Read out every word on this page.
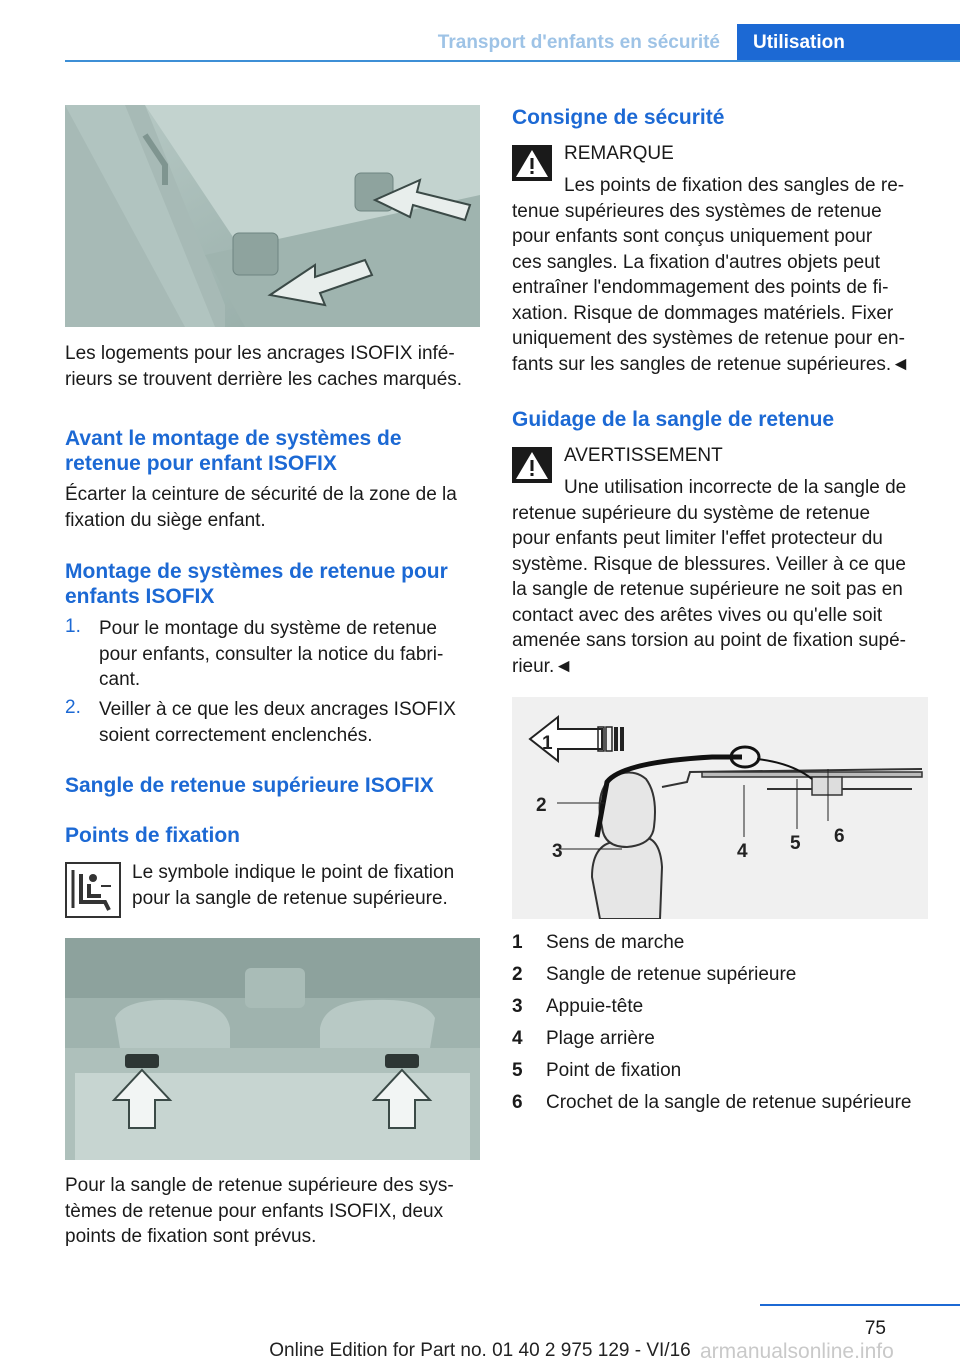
Transport d'enfants en sécurité	Utilisation
Les logements pour les ancrages ISOFIX infé-
rieurs se trouvent derrière les caches marqués.
Avant le montage de systèmes de
retenue pour enfant ISOFIX
Écarter la ceinture de sécurité de la zone de la
fixation du siège enfant.
Montage de systèmes de retenue pour
enfants ISOFIX
1. Pour le montage du système de retenue
pour enfants, consulter la notice du fabri-
cant.
2. Veiller à ce que les deux ancrages ISOFIX
soient correctement enclenchés.
Sangle de retenue supérieure ISOFIX
Points de fixation
Le symbole indique le point de fixation
pour la sangle de retenue supérieure.
Pour la sangle de retenue supérieure des sys-
tèmes de retenue pour enfants ISOFIX, deux
points de fixation sont prévus.
Consigne de sécurité
REMARQUE
Les points de fixation des sangles de re-
tenue supérieures des systèmes de retenue
pour enfants sont conçus uniquement pour
ces sangles. La fixation d'autres objets peut
entraîner l'endommagement des points de fi-
xation. Risque de dommages matériels. Fixer
uniquement des systèmes de retenue pour en-
fants sur les sangles de retenue supérieures.◄
Guidage de la sangle de retenue
AVERTISSEMENT
Une utilisation incorrecte de la sangle de
retenue supérieure du système de retenue
pour enfants peut limiter l'effet protecteur du
système. Risque de blessures. Veiller à ce que
la sangle de retenue supérieure ne soit pas en
contact avec des arêtes vives ou qu'elle soit
amenée sans torsion au point de fixation supé-
rieur.◄
1
2
3	4 5 6
1 Sens de marche
2 Sangle de retenue supérieure
3 Appuie-tête
4 Plage arrière
5 Point de fixation
6 Crochet de la sangle de retenue supérieure
75
Online Edition for Part no. 01 40 2 975 129 - VI/16 armanualsonline.info
